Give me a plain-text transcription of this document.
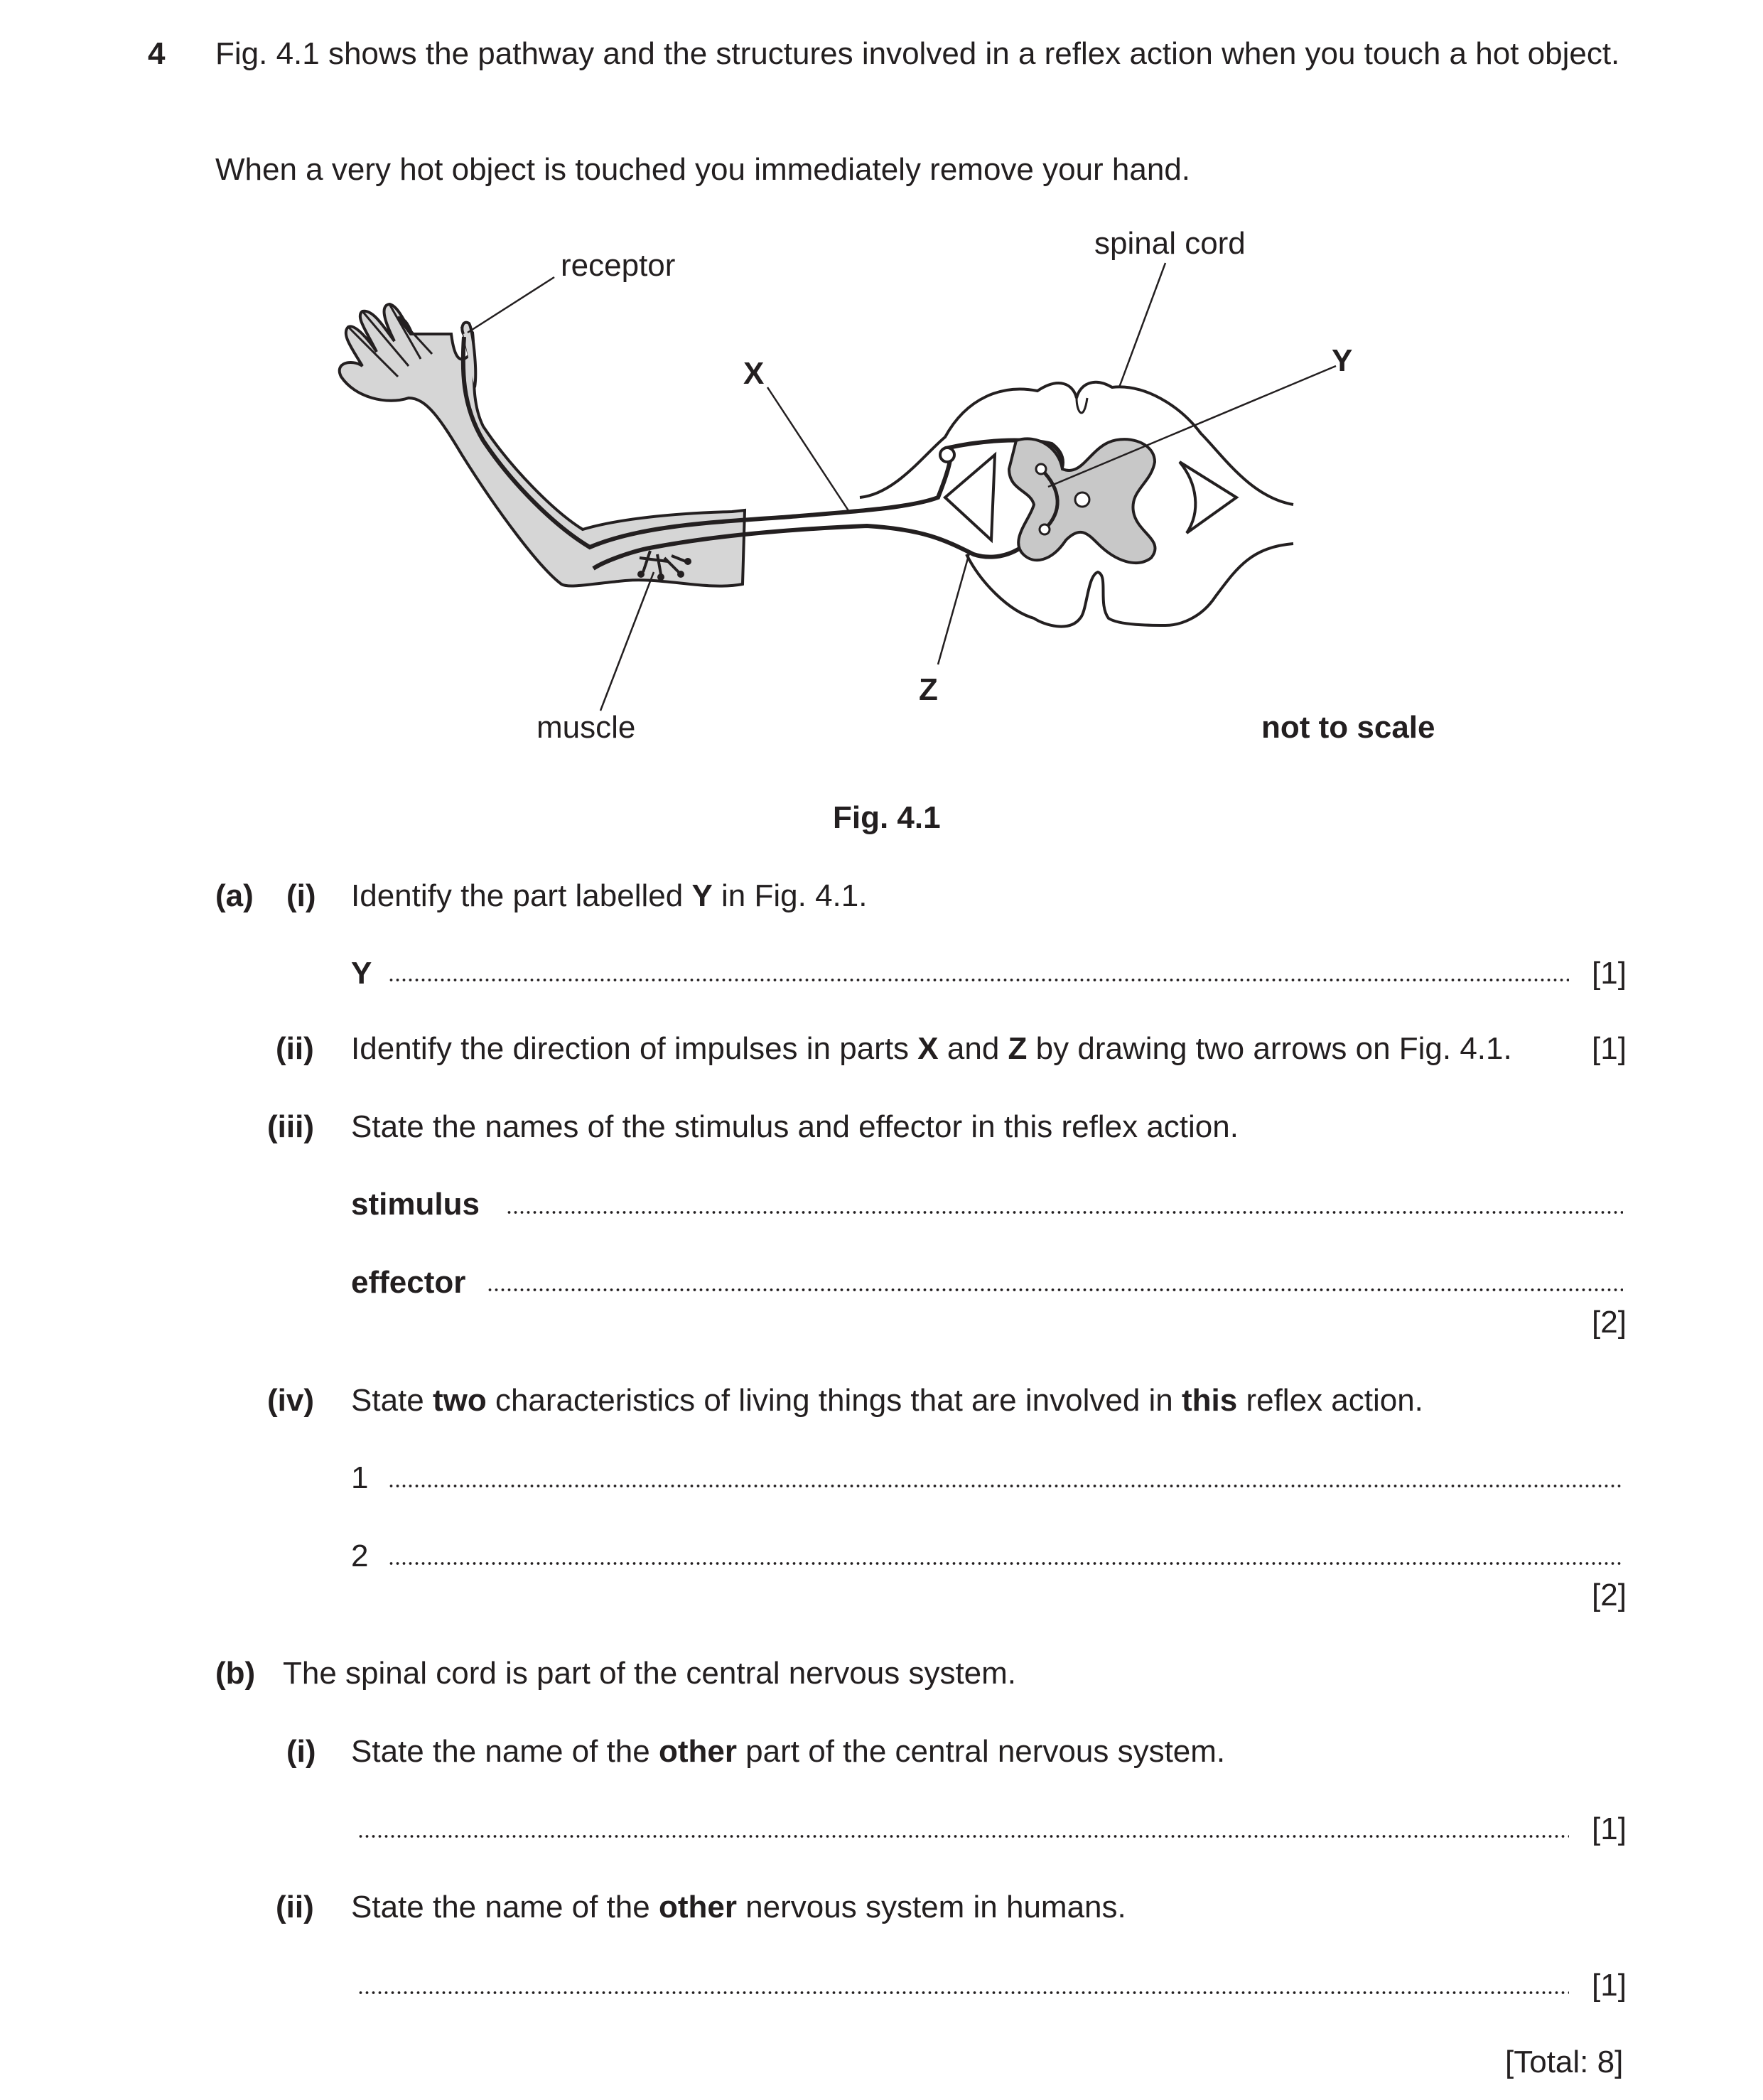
4 Fig. 4.1 shows the pathway and the structures involved in a reflex action when you touch a hot object.
When a very hot object is touched you immediately remove your hand.
receptor
spinal cord
X	Y
Z
muscle	not to scale
Fig. 4.1
(a) (i) Identify the part labelled Y in Fig. 4.1.
Y	[1]
(ii) Identify the direction of impulses in parts X and Z by drawing two arrows on Fig. 4.1.	[1]
(iii) State the names of the stimulus and effector in this reflex action.
stimulus
effector
[2]
(iv) State two characteristics of living things that are involved in this reflex action.
1
2
[2]
(b) The spinal cord is part of the central nervous system.
(i) State the name of the other part of the central nervous system.
[1]
(ii) State the name of the other nervous system in humans.
[1]
[Total: 8]
